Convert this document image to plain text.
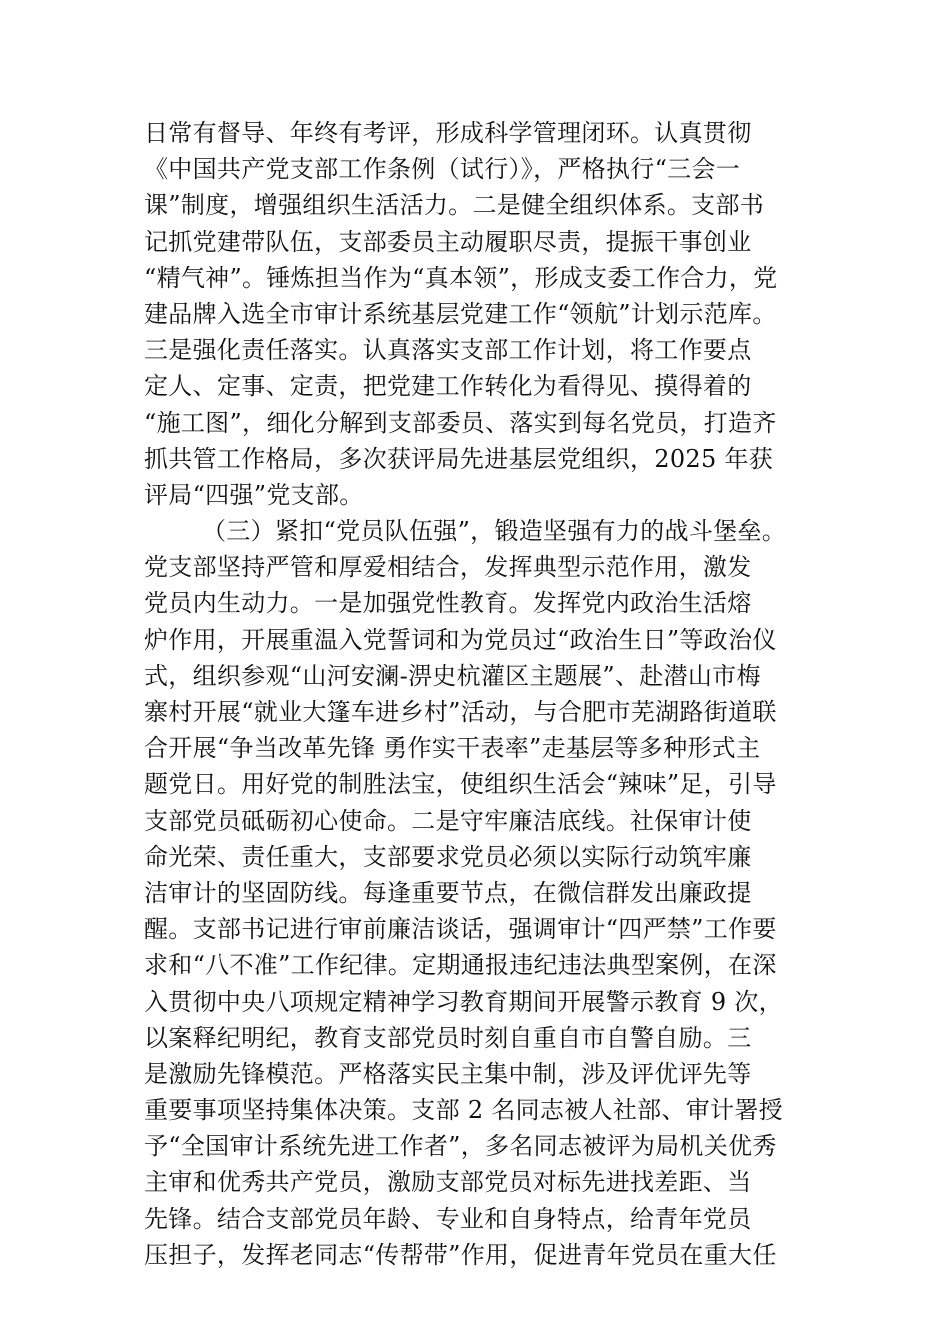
日常有督导、年终有考评，形成科学管理闭环。认真贯彻
《中国共产党支部工作条例（试行）》，严格执行“三会一
课”制度，增强组织生活活力。二是健全组织体系。支部书
记抓党建带队伍，支部委员主动履职尽责，提振干事创业
“精气神”。锤炼担当作为“真本领”，形成支委工作合力，党
建品牌入选全市审计系统基层党建工作“领航”计划示范库。
三是强化责任落实。认真落实支部工作计划，将工作要点
定人、定事、定责，把党建工作转化为看得见、摸得着的
“施工图”，细化分解到支部委员、落实到每名党员，打造齐
抓共管工作格局，多次获评局先进基层党组织，2025 年获
评局“四强”党支部。
（三）紧扣“党员队伍强”，锻造坚强有力的战斗堡垒。
党支部坚持严管和厚爱相结合，发挥典型示范作用，激发
党员内生动力。一是加强党性教育。发挥党内政治生活熔
炉作用，开展重温入党誓词和为党员过“政治生日”等政治仪
式，组织参观“山河安澜-淠史杭灌区主题展”、赴潜山市梅
寨村开展“就业大篷车进乡村”活动，与合肥市芜湖路街道联
合开展“争当改革先锋 勇作实干表率”走基层等多种形式主
题党日。用好党的制胜法宝，使组织生活会“辣味”足，引导
支部党员砥砺初心使命。二是守牢廉洁底线。社保审计使
命光荣、责任重大，支部要求党员必须以实际行动筑牢廉
洁审计的坚固防线。每逢重要节点，在微信群发出廉政提
醒。支部书记进行审前廉洁谈话，强调审计“四严禁”工作要
求和“八不准”工作纪律。定期通报违纪违法典型案例，在深
入贯彻中央八项规定精神学习教育期间开展警示教育 9 次，
以案释纪明纪，教育支部党员时刻自重自市自警自励。三
是激励先锋模范。严格落实民主集中制，涉及评优评先等
重要事项坚持集体决策。支部 2 名同志被人社部、审计署授
予“全国审计系统先进工作者”，多名同志被评为局机关优秀
主审和优秀共产党员，激励支部党员对标先进找差距、当
先锋。结合支部党员年龄、专业和自身特点，给青年党员
压担子，发挥老同志“传帮带”作用，促进青年党员在重大任
